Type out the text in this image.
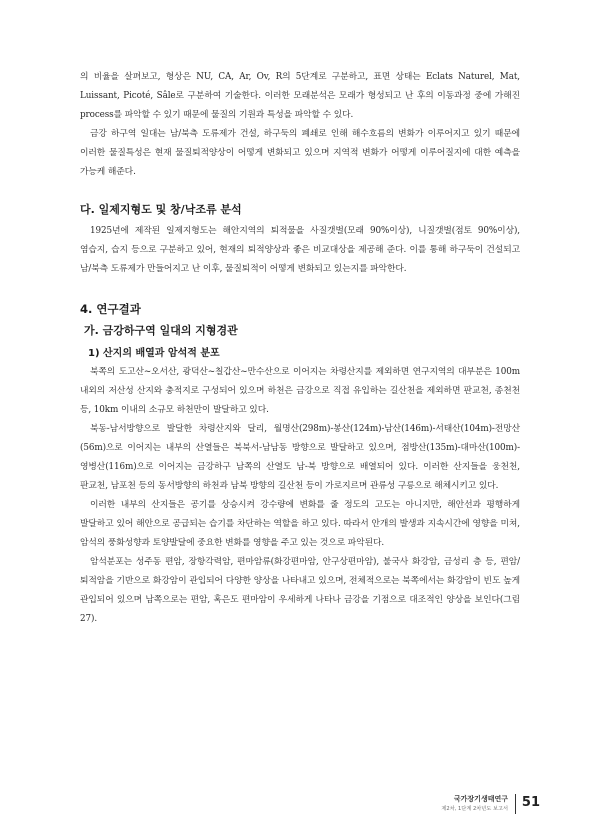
의 비율을 살펴보고, 형상은 NU, CA, Ar, Ov, R의 5단계로 구분하고, 표면 상태는 Eclats Naturel, Mat, Luissant, Picoté, Sâle로 구분하여 기술한다. 이러한 모래분석은 모래가 형성되고 난 후의 이동과정 중에 가해진 process를 파악할 수 있기 때문에 물질의 기원과 특성을 파악할 수 있다.

금강 하구역 일대는 남/북측 도류제가 건설, 하구둑의 폐쇄로 인해 해수흐름의 변화가 이루어지고 있기 때문에 이러한 물질특성은 현재 물질퇴적양상이 어떻게 변화되고 있으며 지역적 변화가 어떻게 이루어질지에 대한 예측을 가능케 해준다.

다. 일제지형도 및 창/낙조류 분석

1925년에 제작된 일제지형도는 해안지역의 퇴적물을 사질갯벌(모래 90%이상), 니질갯벌(점토 90%이상), 염습지, 습지 등으로 구분하고 있어, 현재의 퇴적양상과 좋은 비교대상을 제공해 준다. 이를 통해 하구둑이 건설되고 남/북측 도류제가 만들어지고 난 이후, 물질퇴적이 어떻게 변화되고 있는지를 파악한다.

4. 연구결과
가. 금강하구역 일대의 지형경관
1) 산지의 배열과 암석적 분포

북쪽의 도고산~오서산, 광덕산~칠갑산~만수산으로 이어지는 차령산지를 제외하면 연구지역의 대부분은 100m 내외의 저산성 산지와 충적지로 구성되어 있으며 하천은 금강으로 직접 유입하는 길산천을 제외하면 판교천, 종천천 등, 10km 이내의 소규모 하천만이 발달하고 있다.

북동-남서방향으로 발달한 차령산지와 달리, 월명산(298m)-봉산(124m)-남산(146m)-서태산(104m)-전망산(56m)으로 이어지는 내부의 산열들은 북북서-남남동 방향으로 발달하고 있으며, 점방산(135m)-대마산(100m)-영병산(116m)으로 이어지는 금강하구 남쪽의 산열도 남-북 방향으로 배열되어 있다. 이러한 산지들을 웅천천, 판교천, 남포천 등의 동서방향의 하천과 남북 방향의 길산천 등이 가로지르며 관류성 구릉으로 해체시키고 있다.

이러한 내부의 산지들은 공기를 상승시켜 강수량에 변화를 줄 정도의 고도는 아니지만, 해안선과 평행하게 발달하고 있어 해안으로 공급되는 습기를 차단하는 역할을 하고 있다. 따라서 안개의 발생과 지속시간에 영향을 미쳐, 암석의 풍화성향과 토양발달에 중요한 변화를 영향을 주고 있는 것으로 파악된다.

암석분포는 성주동 편암, 장항각력암, 편마암류(화강편마암, 안구상편마암), 불국사 화강암, 금성리 층 등, 편암/퇴적암을 기반으로 화강암이 관입되어 다양한 양상을 나타내고 있으며, 전체적으로는 북쪽에서는 화강암이 빈도 높게 관입되어 있으며 남쪽으로는 편암, 혹은도 편마암이 우세하게 나타나 금강을 기점으로 대조적인 양상을 보인다(그림 27).

국가장기생태연구
제2차, 1단계 2차년도 보고서 51
